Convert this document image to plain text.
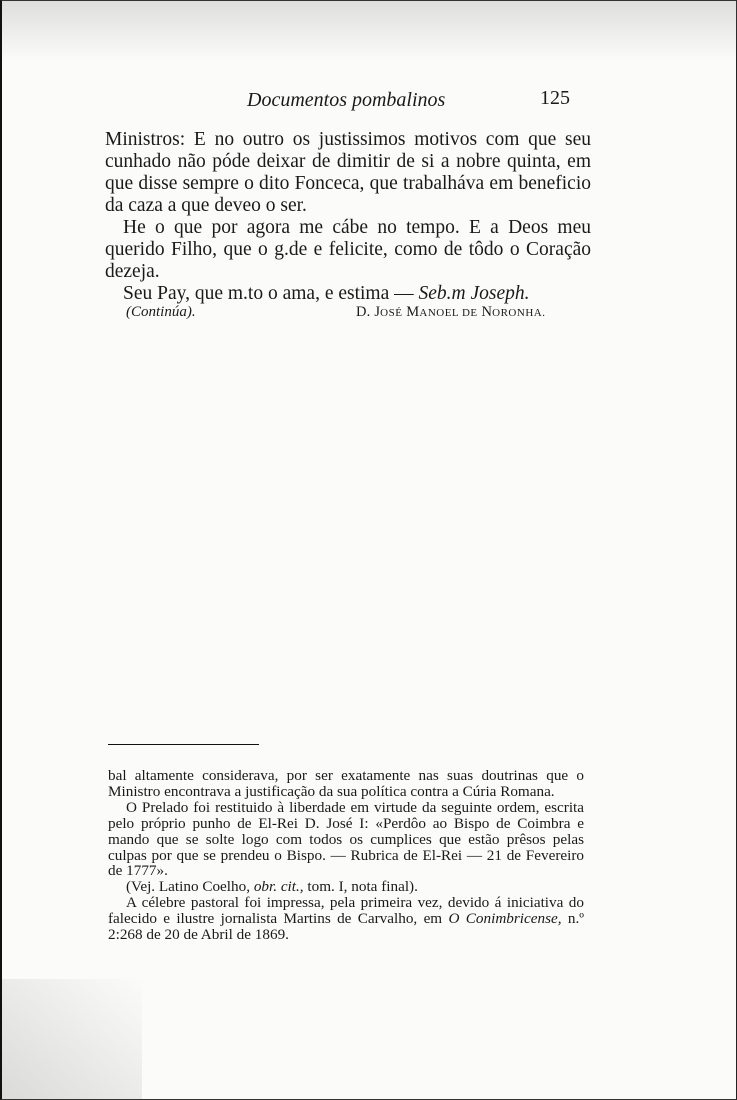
Documentos pombalinos	125

Ministros: E no outro os justissimos motivos com que seu cunhado não póde deixar de dimitir de si a nobre quinta, em que disse sempre o dito Fonceca, que trabalháva em beneficio da caza a que deveo o ser.

He o que por agora me cábe no tempo. E a Deos meu querido Filho, que o g.de e felicite, como de tôdo o Coração dezeja.

Seu Pay, que m.to o ama, e estima — Seb.m Joseph.

(Continúa).	D. JOSÉ MANOEL DE NORONHA.

bal altamente considerava, por ser exatamente nas suas doutrinas que o Ministro encontrava a justificação da sua política contra a Cúria Romana.

O Prelado foi restituido à liberdade em virtude da seguinte ordem, escrita pelo próprio punho de El-Rei D. José I: «Perdôo ao Bispo de Coimbra e mando que se solte logo com todos os cumplices que estão prêsos pelas culpas por que se prendeu o Bispo. — Rubrica de El-Rei — 21 de Fevereiro de 1777».

(Vej. Latino Coelho, obr. cit., tom. I, nota final).

A célebre pastoral foi impressa, pela primeira vez, devido á iniciativa do falecido e ilustre jornalista Martins de Carvalho, em O Conimbricense, n.º 2:268 de 20 de Abril de 1869.
